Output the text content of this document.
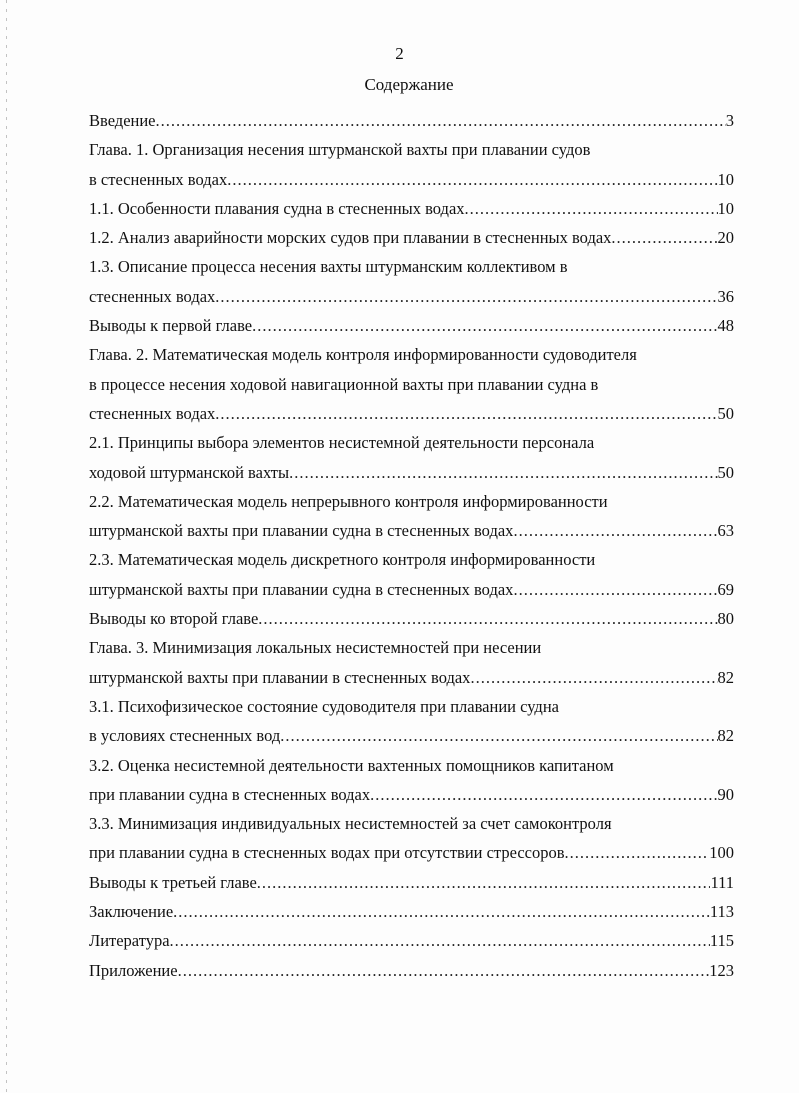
2
Содержание
Введение .....	3
Глава. 1. Организация несения штурманской вахты при плавании судов
в стесненных водах .....	10
1.1. Особенности плавания судна в стесненных водах .....	10
1.2. Анализ аварийности морских судов при плавании в стесненных водах .....	20
1.3. Описание процесса несения вахты штурманским коллективом в
стесненных водах .....	36
Выводы к первой главе .....	48
Глава. 2. Математическая модель контроля информированности судоводителя
в процессе несения ходовой навигационной вахты при плавании судна в
стесненных водах .....	50
2.1. Принципы выбора элементов несистемной деятельности персонала
ходовой штурманской вахты .....	50
2.2. Математическая модель непрерывного контроля информированности
штурманской вахты при плавании судна в стесненных водах .....	63
2.3. Математическая модель дискретного контроля информированности
штурманской вахты при плавании судна в стесненных водах .....	69
Выводы ко второй главе .....	80
Глава. 3. Минимизация локальных несистемностей при несении
штурманской вахты при плавании в стесненных водах .....	82
3.1. Психофизическое состояние судоводителя при плавании судна
в условиях стесненных вод .....	82
3.2. Оценка несистемной деятельности вахтенных помощников капитаном
при плавании судна в стесненных водах .....	90
3.3. Минимизация индивидуальных несистемностей за счет самоконтроля
при плавании судна в стесненных водах при отсутствии стрессоров .....	100
Выводы к третьей главе .....	111
Заключение .....	113
Литература .....	115
Приложение .....	123
